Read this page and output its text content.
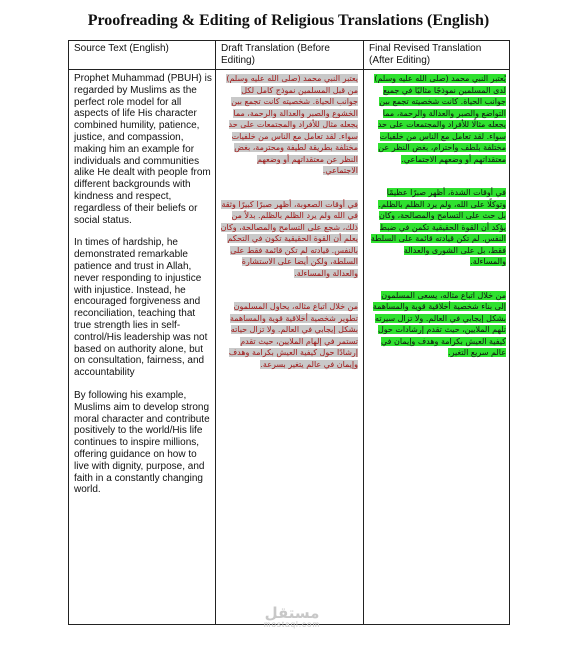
Proofreading & Editing of Religious Translations (English)
Source Text (English)	Draft Translation (Before Editing)
Final Revised Translation (After Editing)

Prophet Muhammad (PBUH) is regarded by Muslims as the perfect role model for all aspects of life His character combined humility, patience, justice, and compassion, making him an example for individuals and communities alike He dealt with people from different backgrounds with kindness and respect, regardless of their beliefs or social status.

In times of hardship, he demonstrated remarkable patience and trust in Allah, never responding to injustice with injustice. Instead, he encouraged forgiveness and reconciliation, teaching that true strength lies in self-control/His leadership was not based on authority alone, but on consultation, fairness, and accountability

By following his example, Muslims aim to develop strong moral character and contribute positively to the world/His life continues to inspire millions, offering guidance on how to live with dignity, purpose, and faith in a constantly changing world.

يعتبر النبي محمد (صلى الله عليه وسلم) من قبل المسلمين نموذج كامل لكل جوانب الحياة. شخصيته كانت تجمع بين الخشوع والصبر والعدالة والرحمة، مما يجعله مثال للأفراد والمجتمعات على حد سواء. لقد تعامل مع الناس من خلفيات مختلفة بطريقة لطيفة ومحترمة، بغض النظر عن معتقداتهم أو وضعهم الاجتماعي.

في أوقات الصعوبة، أظهر صبرًا كبيرًا وثقة في الله ولم يرد الظلم بالظلم. بدلاً من ذلك، شجع على التسامح والمصالحة، وكان يعلم أن القوة الحقيقية تكون في التحكم بالنفس. قيادته لم تكن قائمة فقط على السلطة، ولكن أيضا على الاستشارة والعدالة والمساءلة.

من خلال اتباع مثاله، يحاول المسلمون تطوير شخصية أخلاقية قوية والمساهمة بشكل إيجابي في العالم. ولا تزال حياته تستمر في إلهام الملايين، حيث تقدم إرشادًا حول كيفية العيش بكرامة وهدف وإيمان في عالم يتغير بسرعة.

يُعتبر النبي محمد (صلى الله عليه وسلم) لدى المسلمين نموذجًا مثاليًا في جميع جوانب الحياة. كانت شخصيته تجمع بين التواضع والصبر والعدالة والرحمة، مما يجعله مثالًا للأفراد والمجتمعات على حد سواء. لقد تعامل مع الناس من خلفيات مختلفة بلطف واحترام، بغض النظر عن معتقداتهم أو وضعهم الاجتماعي.

في أوقات الشدة، أظهر صبرًا عظيمًا وتوكلًا على الله، ولم يرد الظلم بالظلم. بل حث على التسامح والمصالحة، وكان يؤكد أن القوة الحقيقية تكمن في ضبط النفس. لم تكن قيادته قائمة على السلطة فقط، بل على الشورى والعدالة والمساءلة.

من خلال اتباع مثاله، يسعى المسلمون إلى بناء شخصية أخلاقية قوية والمساهمة بشكل إيجابي في العالم. ولا تزال سيرته تلهم الملايين، حيث تقدم إرشادات حول كيفية العيش بكرامة وهدف وإيمان في عالم سريع التغير.

مستقل
mostaql.com
